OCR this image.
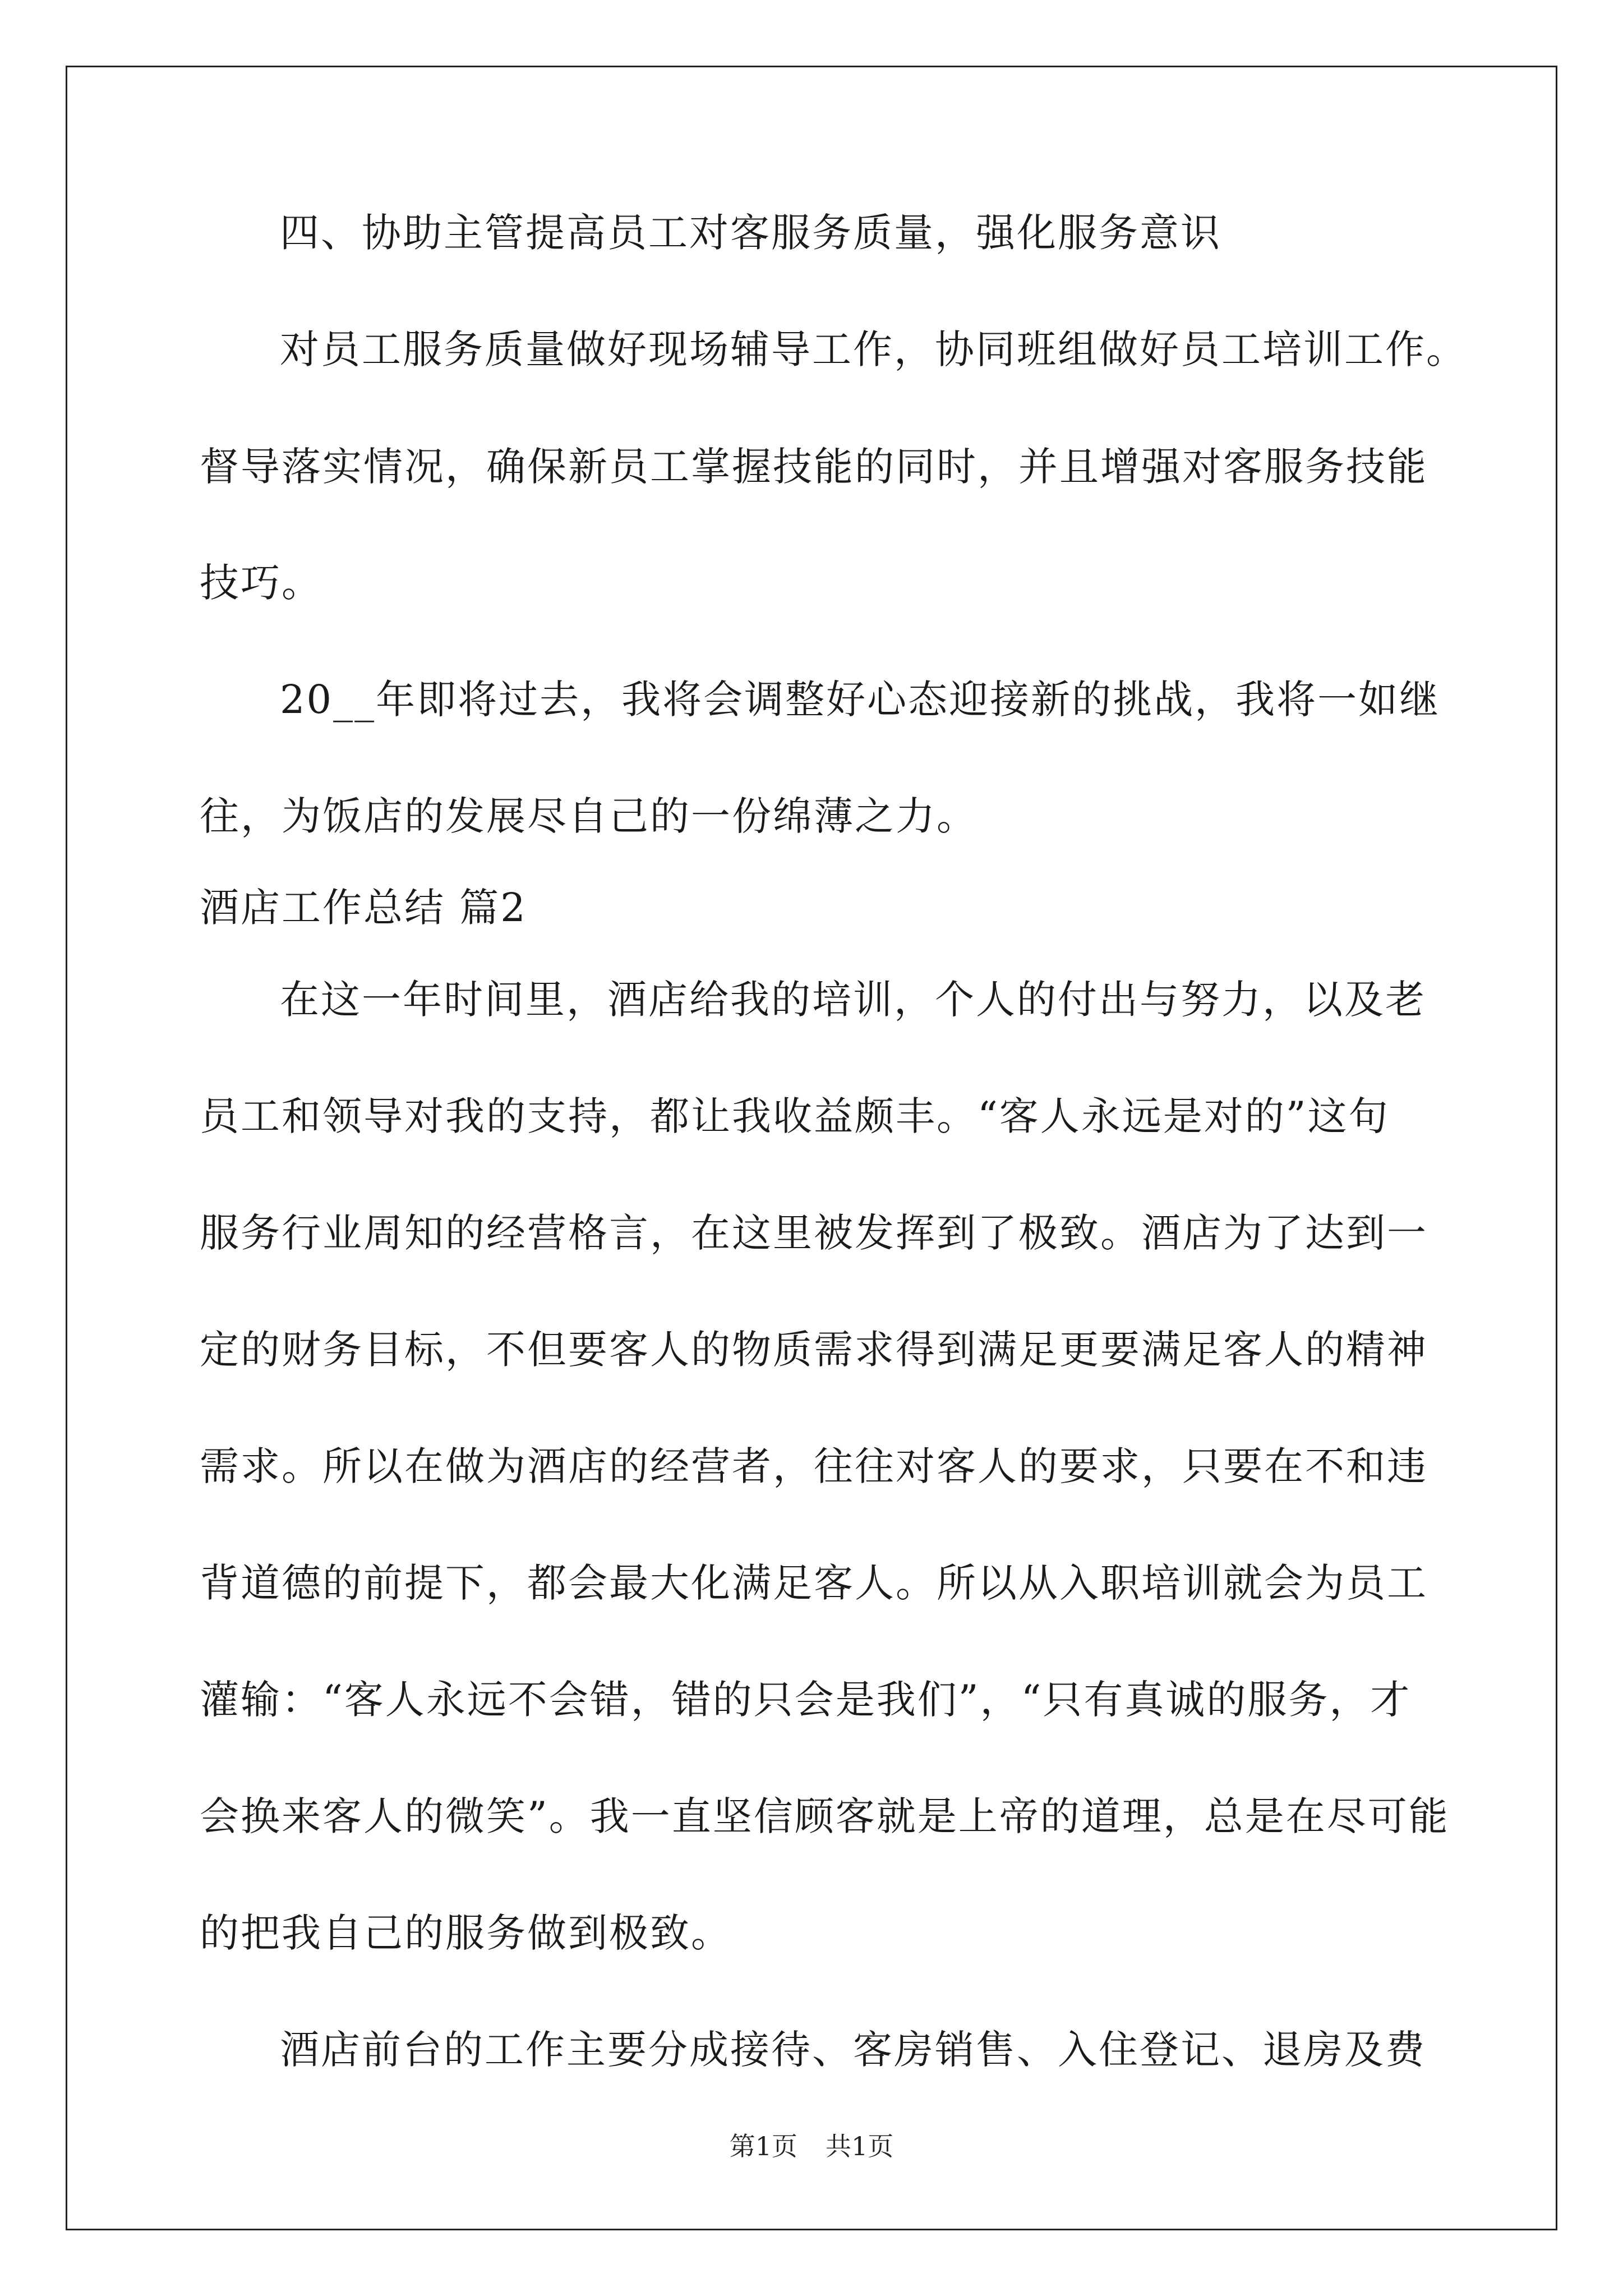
四、协助主管提高员工对客服务质量，强化服务意识
对员工服务质量做好现场辅导工作，协同班组做好员工培训工作。
督导落实情况，确保新员工掌握技能的同时，并且增强对客服务技能
技巧。
20__年即将过去，我将会调整好心态迎接新的挑战，我将一如继
往，为饭店的发展尽自己的一份绵薄之力。
酒店工作总结 篇2
在这一年时间里，酒店给我的培训，个人的付出与努力，以及老
员工和领导对我的支持，都让我收益颇丰。“客人永远是对的”这句
服务行业周知的经营格言，在这里被发挥到了极致。酒店为了达到一
定的财务目标，不但要客人的物质需求得到满足更要满足客人的精神
需求。所以在做为酒店的经营者，往往对客人的要求，只要在不和违
背道德的前提下，都会最大化满足客人。所以从入职培训就会为员工
灌输：“客人永远不会错，错的只会是我们”，“只有真诚的服务，才
会换来客人的微笑”。我一直坚信顾客就是上帝的道理，总是在尽可能
的把我自己的服务做到极致。
酒店前台的工作主要分成接待、客房销售、入住登记、退房及费
第1页 共1页
